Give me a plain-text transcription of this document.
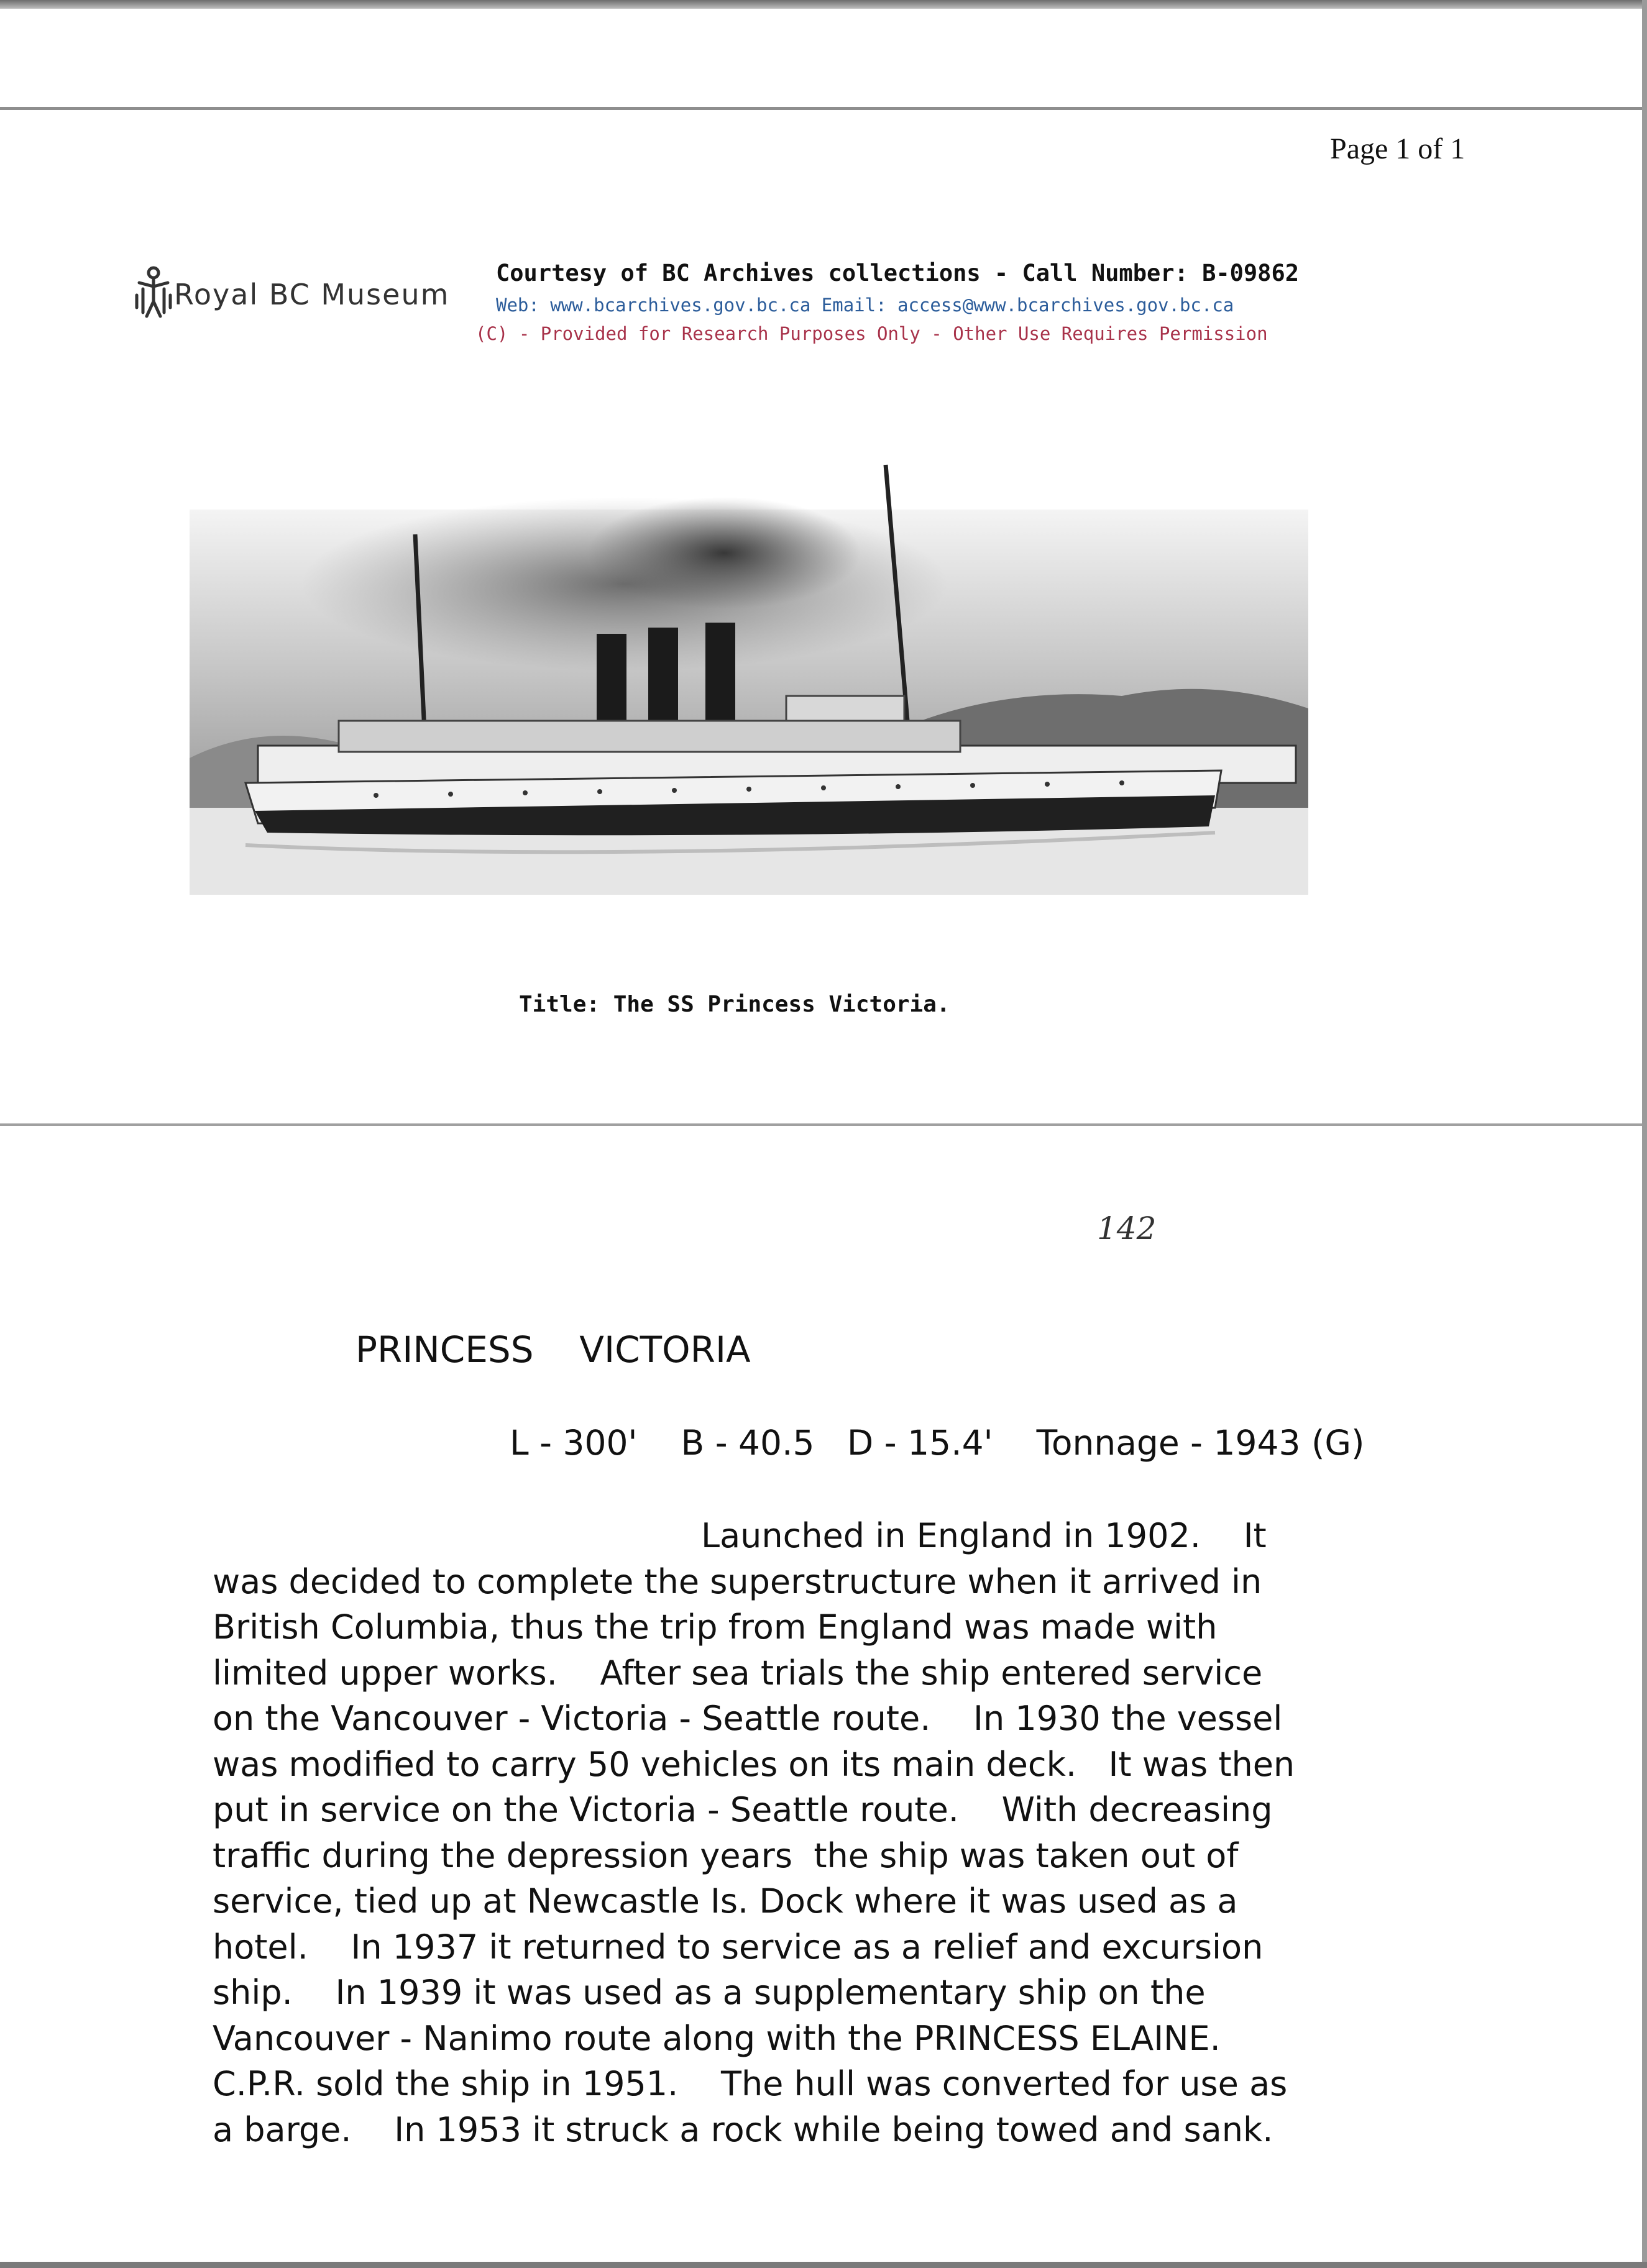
Page 1 of 1
Royal BC Museum
Courtesy of BC Archives collections - Call Number: B-09862
Web: www.bcarchives.gov.bc.ca Email: access@www.bcarchives.gov.bc.ca
(C) - Provided for Research Purposes Only - Other Use Requires Permission
Title: The SS Princess Victoria.
142
PRINCESS    VICTORIA
L - 300'    B - 40.5   D - 15.4'    Tonnage - 1943 (G)
Launched in England in 1902.    It
was decided to complete the superstructure when it arrived in
British Columbia, thus the trip from England was made with
limited upper works.    After sea trials the ship entered service
on the Vancouver - Victoria - Seattle route.    In 1930 the vessel
was modified to carry 50 vehicles on its main deck.   It was then
put in service on the Victoria - Seattle route.    With decreasing
traffic during the depression years  the ship was taken out of
service, tied up at Newcastle Is. Dock where it was used as a
hotel.    In 1937 it returned to service as a relief and excursion
ship.    In 1939 it was used as a supplementary ship on the
Vancouver - Nanimo route along with the PRINCESS ELAINE.
C.P.R. sold the ship in 1951.    The hull was converted for use as
a barge.    In 1953 it struck a rock while being towed and sank.
